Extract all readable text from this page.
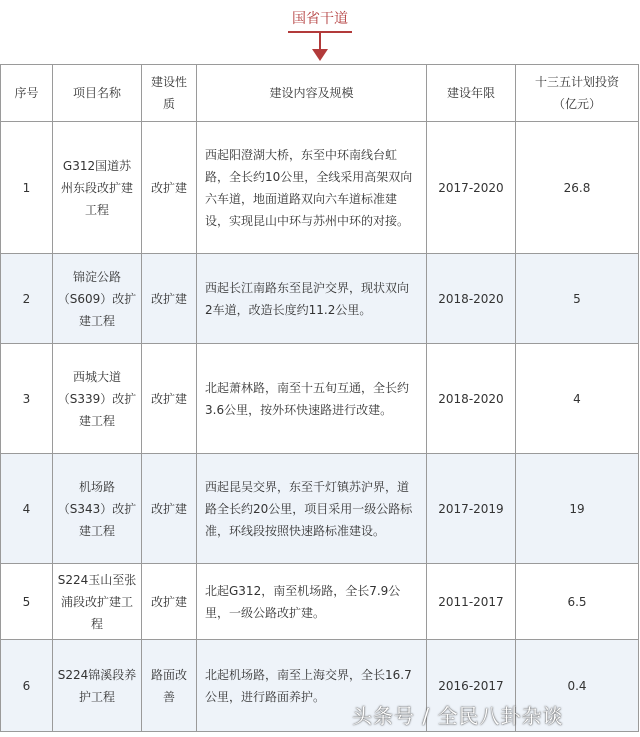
国省干道
序号	项目名称	建设性质	建设内容及规模	建设年限	十三五计划投资（亿元）
1	G312国道苏州东段改扩建工程	改扩建	西起阳澄湖大桥，东至中环南线台虹路，全长约10公里，全线采用高架双向六车道，地面道路双向六车道标准建设，实现昆山中环与苏州中环的对接。	2017-2020	26.8
2	锦淀公路（S609）改扩建工程	改扩建	西起长江南路东至昆沪交界，现状双向2车道，改造长度约11.2公里。	2018-2020	5
3	西城大道（S339）改扩建工程	改扩建	北起萧林路，南至十五旬互通，全长约3.6公里，按外环快速路进行改建。	2018-2020	4
4	机场路（S343）改扩建工程	改扩建	西起昆吴交界，东至千灯镇苏沪界，道路全长约20公里，项目采用一级公路标准，环线段按照快速路标准建设。	2017-2019	19
5	S224玉山至张浦段改扩建工程	改扩建	北起G312，南至机场路，全长7.9公里，一级公路改扩建。	2011-2017	6.5
6	S224锦溪段养护工程	路面改善	北起机场路，南至上海交界，全长16.7公里，进行路面养护。	2016-2017	0.4
头条号 / 全民八卦杂谈
